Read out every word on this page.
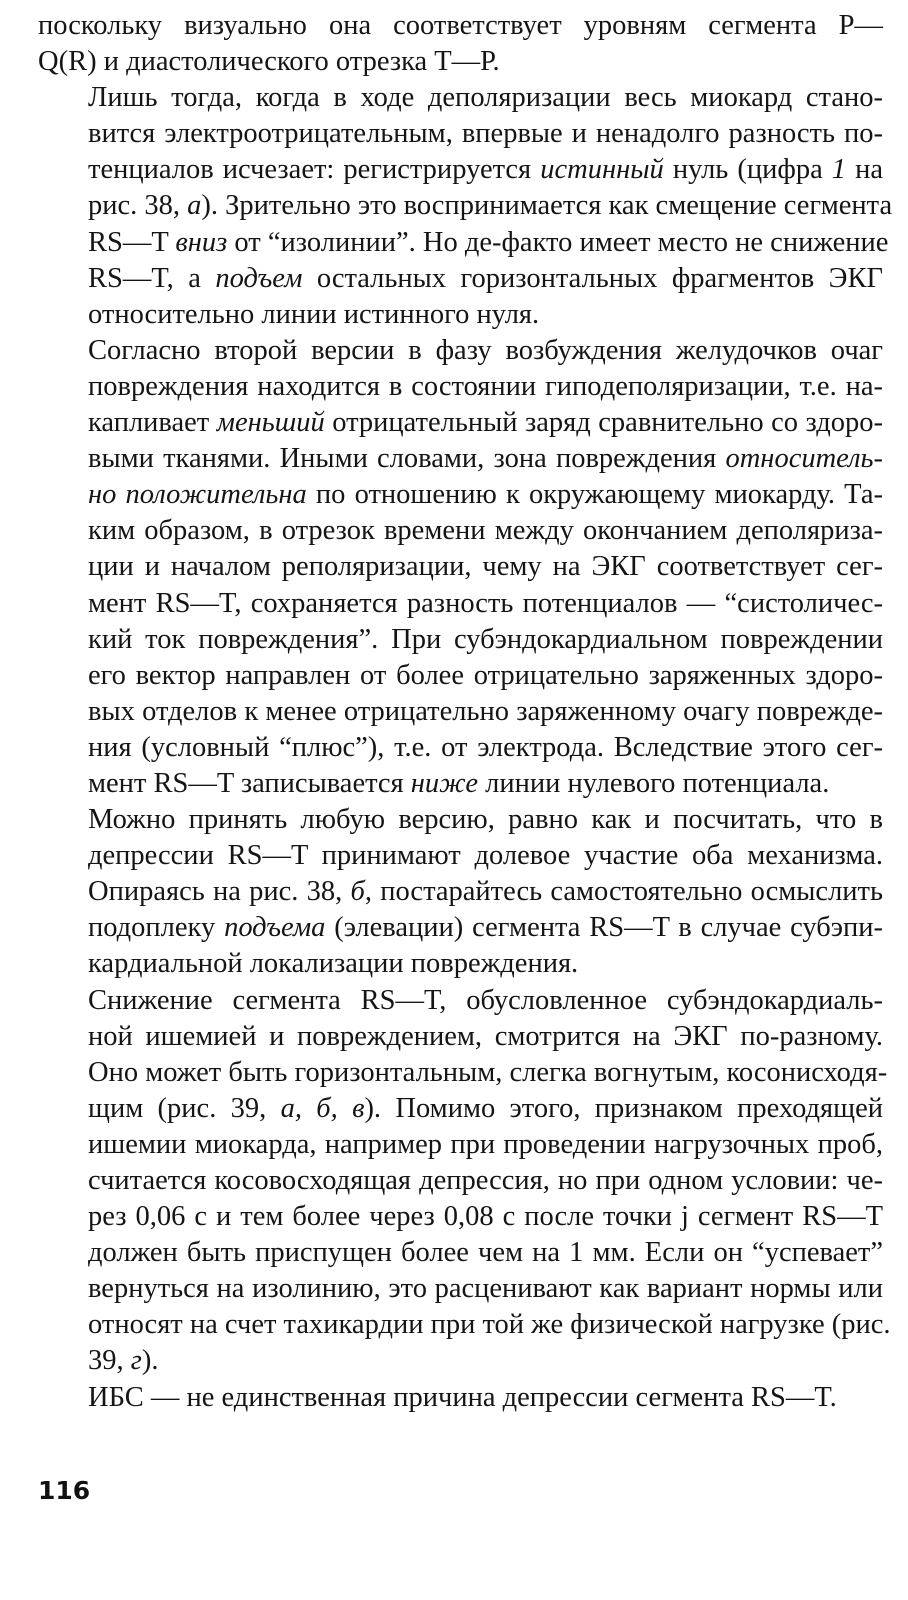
поскольку визуально она соответствует уровням сегмента Р—
Q(R) и диастолического отрезка Т—Р.

Лишь тогда, когда в ходе деполяризации весь миокард стано-
вится электроотрицательным, впервые и ненадолго разность по-
тенциалов исчезает: регистрируется истинный нуль (цифра 1 на
рис. 38, а). Зрительно это воспринимается как смещение сегмента
RS—T вниз от “изолинии”. Но де-факто имеет место не снижение
RS—T, а подъем остальных горизонтальных фрагментов ЭКГ
относительно линии истинного нуля.

Согласно второй версии в фазу возбуждения желудочков очаг
повреждения находится в состоянии гиподеполяризации, т.е. на-
капливает меньший отрицательный заряд сравнительно со здоро-
выми тканями. Иными словами, зона повреждения относитель-
но положительна по отношению к окружающему миокарду. Та-
ким образом, в отрезок времени между окончанием деполяриза-
ции и началом реполяризации, чему на ЭКГ соответствует сег-
мент RS—T, сохраняется разность потенциалов — “систоличес-
кий ток повреждения”. При субэндокардиальном повреждении
его вектор направлен от более отрицательно заряженных здоро-
вых отделов к менее отрицательно заряженному очагу поврежде-
ния (условный “плюс”), т.е. от электрода. Вследствие этого сег-
мент RS—T записывается ниже линии нулевого потенциала.

Можно принять любую версию, равно как и посчитать, что в
депрессии RS—T принимают долевое участие оба механизма.
Опираясь на рис. 38, б, постарайтесь самостоятельно осмыслить
подоплеку подъема (элевации) сегмента RS—T в случае субэпи-
кардиальной локализации повреждения.

Снижение сегмента RS—T, обусловленное субэндокардиаль-
ной ишемией и повреждением, смотрится на ЭКГ по-разному.
Оно может быть горизонтальным, слегка вогнутым, косонисходя-
щим (рис. 39, а, б, в). Помимо этого, признаком преходящей
ишемии миокарда, например при проведении нагрузочных проб,
считается косовосходящая депрессия, но при одном условии: че-
рез 0,06 с и тем более через 0,08 с после точки j сегмент RS—T
должен быть приспущен более чем на 1 мм. Если он “успевает”
вернуться на изолинию, это расценивают как вариант нормы или
относят на счет тахикардии при той же физической нагрузке (рис.
39, г).

ИБС — не единственная причина депрессии сегмента RS—T.

116
